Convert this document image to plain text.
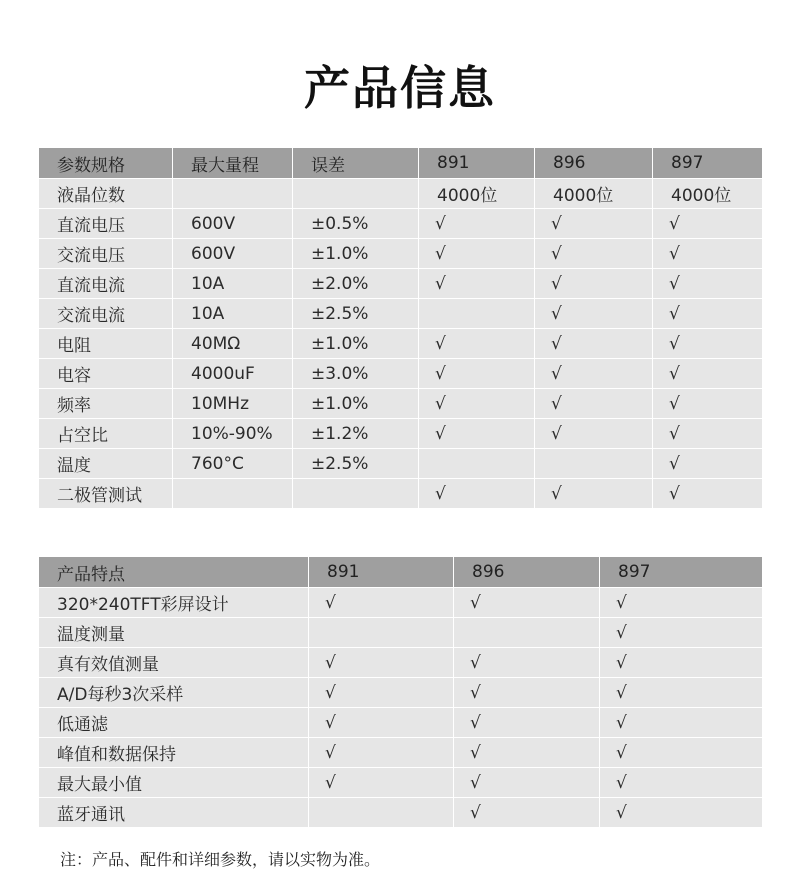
产品信息
参数规格	最大量程	误差	891	896	897
液晶位数			4000位	4000位	4000位
直流电压	600V	±0.5%	√	√	√
交流电压	600V	±1.0%	√	√	√
直流电流	10A	±2.0%	√	√	√
交流电流	10A	±2.5%		√	√
电阻	40MΩ	±1.0%	√	√	√
电容	4000uF	±3.0%	√	√	√
频率	10MHz	±1.0%	√	√	√
占空比	10%-90%	±1.2%	√	√	√
温度	760°C	±2.5%			√
二极管测试			√	√	√
产品特点	891	896	897
320*240TFT彩屏设计	√	√	√
温度测量			√
真有效值测量	√	√	√
A/D每秒3次采样	√	√	√
低通滤	√	√	√
峰值和数据保持	√	√	√
最大最小值	√	√	√
蓝牙通讯		√	√
注：产品、配件和详细参数，请以实物为准。
